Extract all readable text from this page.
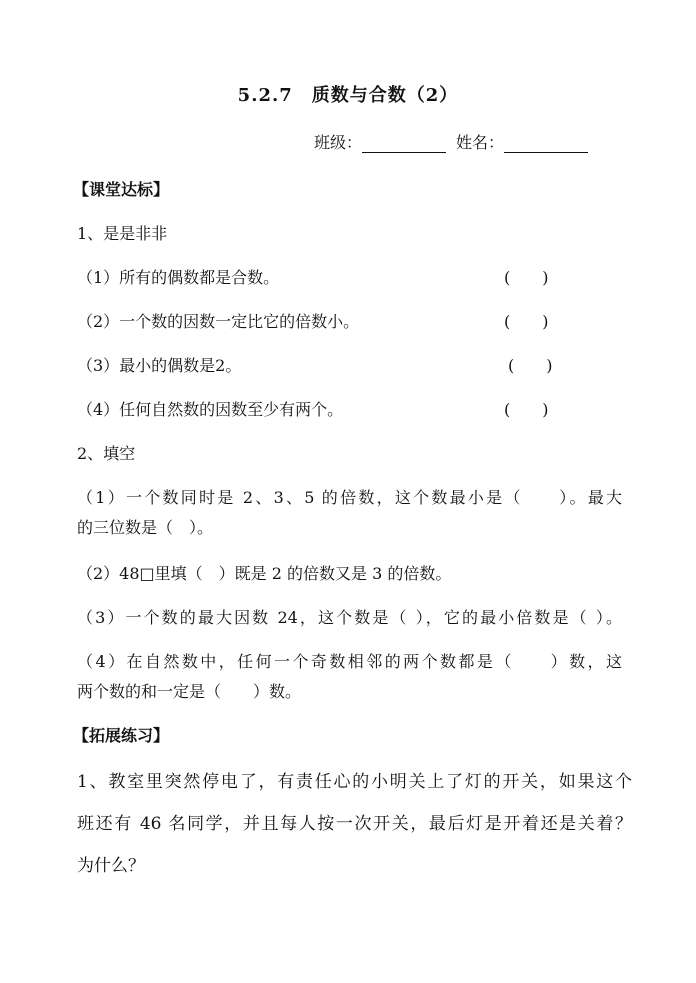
5.2.7　质数与合数（2）
班级：	姓名：
【课堂达标】
1、是是非非
（1）所有的偶数都是合数。	(　　)
（2）一个数的因数一定比它的倍数小。	(　　)
（3）最小的偶数是2。	(　　)
（4）任何自然数的因数至少有两个。	(　　)
2、填空
（1）一个数同时是 2、3、5 的倍数，这个数最小是（　　）。最大
的三位数是（　）。
（2）48□里填（　）既是 2 的倍数又是 3 的倍数。
（3）一个数的最大因数 24，这个数是（ ），它的最小倍数是（ ）。
（4）在自然数中，任何一个奇数相邻的两个数都是（　　）数，这
两个数的和一定是（　　）数。
【拓展练习】
1、教室里突然停电了，有责任心的小明关上了灯的开关，如果这个
班还有 46 名同学，并且每人按一次开关，最后灯是开着还是关着？
为什么？
